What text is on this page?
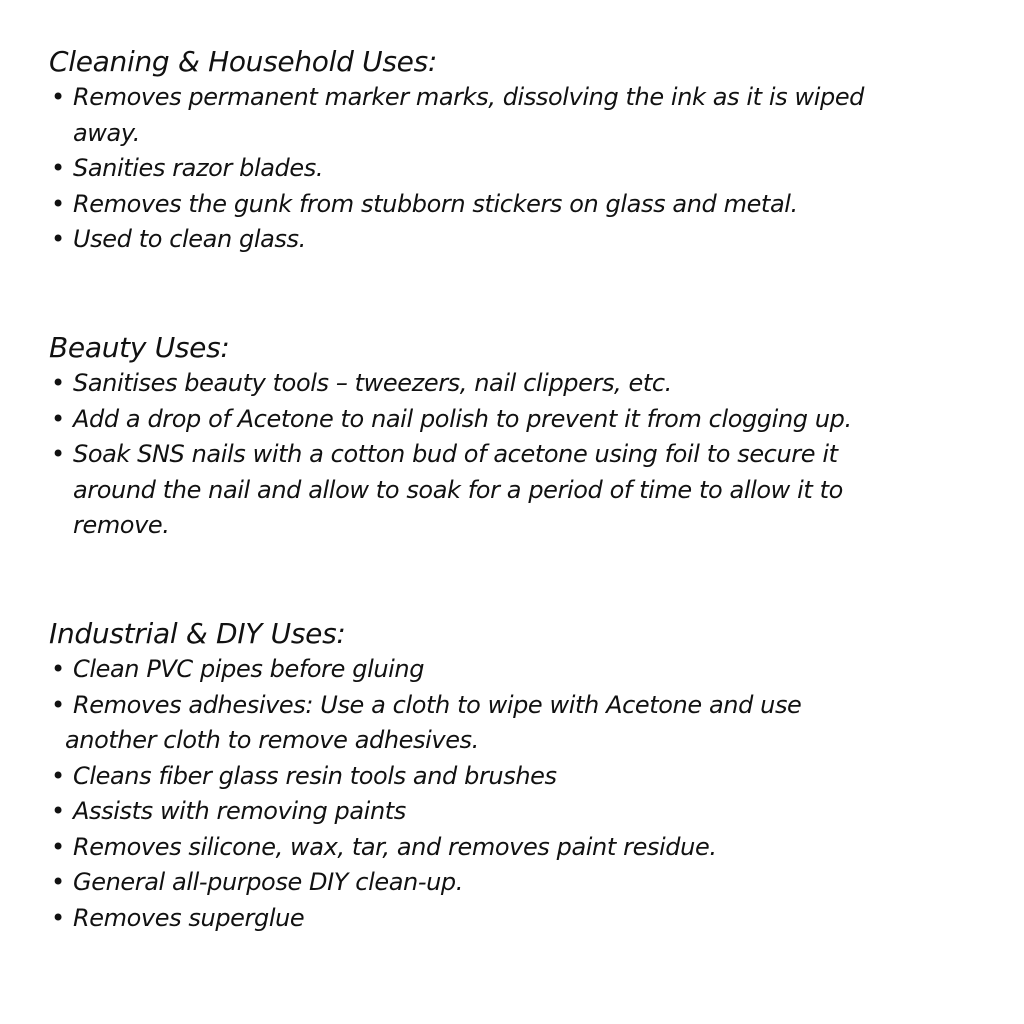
Cleaning & Household Uses:
• Removes permanent marker marks, dissolving the ink as it is wiped
away.
• Sanities razor blades.
• Removes the gunk from stubborn stickers on glass and metal.
• Used to clean glass.
Beauty Uses:
• Sanitises beauty tools – tweezers, nail clippers, etc.
• Add a drop of Acetone to nail polish to prevent it from clogging up.
• Soak SNS nails with a cotton bud of acetone using foil to secure it
around the nail and allow to soak for a period of time to allow it to
remove.
Industrial & DIY Uses:
• Clean PVC pipes before gluing
• Removes adhesives: Use a cloth to wipe with Acetone and use
another cloth to remove adhesives.
• Cleans fiber glass resin tools and brushes
• Assists with removing paints
• Removes silicone, wax, tar, and removes paint residue.
• General all-purpose DIY clean-up.
• Removes superglue
